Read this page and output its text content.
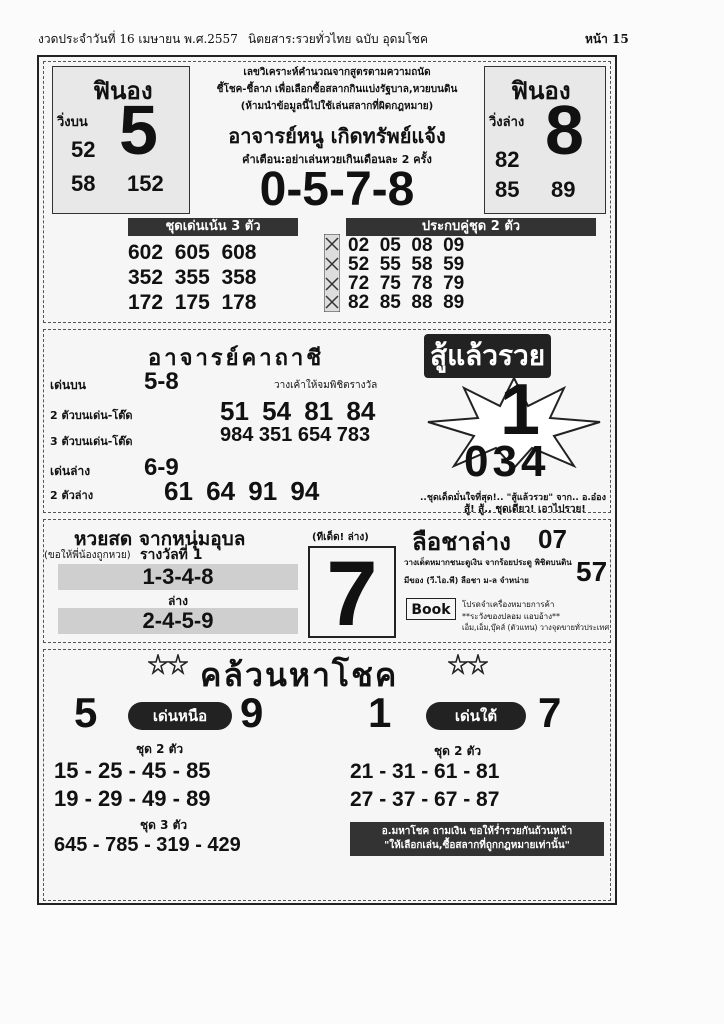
งวดประจำวันที่ 16 เมษายน พ.ศ.2557 นิตยสาร:รวยทั่วไทย ฉบับ อุดมโชค	หน้า 15
ฟินอง
วิ่งบน 5
52
58 152
ฟินอง
วิ่งล่าง 8
82
85 89
เลขวิเคราะห์คำนวณจากสูตรตามความถนัด
ชี้โชค-ชี้ลาภ เพื่อเลือกซื้อสลากกินแบ่งรัฐบาล,หวยบนดิน
(ห้ามนำข้อมูลนี้ไปใช้เล่นสลากที่ผิดกฎหมาย)
อาจารย์หนู เกิดทรัพย์แจ้ง
คำเตือน:อย่าเล่นหวยเกินเดือนละ 2 ครั้ง
0-5-7-8
ชุดเด่นเน้น 3 ตัว
602 605 608
352 355 358
172 175 178
ประกบคู่ชุด 2 ตัว
02 05 08 09
52 55 58 59
72 75 78 79
82 85 88 89
อาจารย์คาถาชี
เด่นบน 5-8	วางเค้าให้จมพิชิตรางวัล
2 ตัวบนเด่น-โต๊ด	51 54 81 84
3 ตัวบนเด่น-โต๊ด	984 351 654 783
เด่นล่าง 6-9
2 ตัวล่าง	61 64 91 94
สู้แล้วรวย
1
034
..ชุดเด็ดมั่นใจที่สุด!.. "สู้แล้วรวย" จาก.. อ.อ๋อง
สู้! สู้.. ชุดเดียว! เอาไปรวย!
หวยสด จากหนุ่มอุบล
(ขอให้พี่น้องถูกหวย) รางวัลที่ 1
1-3-4-8
ล่าง
2-4-5-9
(ทีเด็ด! ล่าง)
7
ลือชาล่าง 07
วางเด็ดหมากชนะดูเงิน จากร้อยประตู พิชิตบนดิน 57
มีของ (วี.ไอ.พี) ลือชา ม-ล จำหน่าย
Book	โปรดจำเครื่องหมายการค้า
**ระวังของปลอม แอบอ้าง**
เอ็ม,เอ็ม,บุ๊คส์ (ตัวแทน) วางจุดขายทั่วประเทศ
คล้วนหาโชค
5	เด่นหนือ 9
ชุด 2 ตัว
15 - 25 - 45 - 85
19 - 29 - 49 - 89
ชุด 3 ตัว
645 - 785 - 319 - 429
1	เด่นใต้ 7
ชุด 2 ตัว
21 - 31 - 61 - 81
27 - 37 - 67 - 87
อ.มหาโชค ถามเงิน ขอให้ร่ำรวยกันถ้วนหน้า
"ให้เลือกเล่น,ซื้อสลากที่ถูกกฎหมายเท่านั้น"
